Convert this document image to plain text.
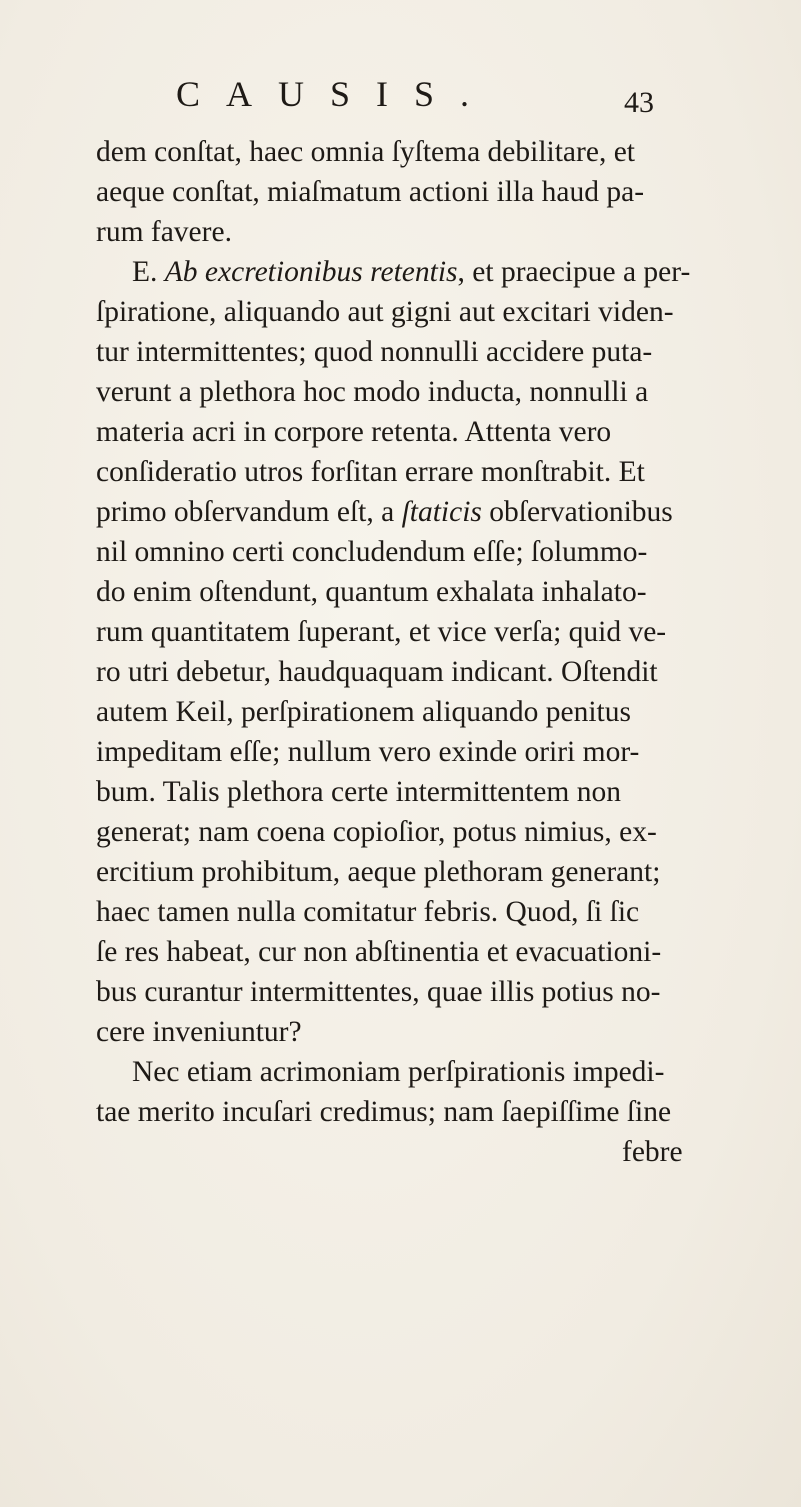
CAUSIS.	43
dem conſtat, haec omnia ſyſtema debilitare, et
aeque conſtat, miaſmatum actioni illa haud pa-
rum favere.
E. Ab excretionibus retentis, et praecipue a per-
ſpiratione, aliquando aut gigni aut excitari viden-
tur intermittentes; quod nonnulli accidere puta-
verunt a plethora hoc modo inducta, nonnulli a
materia acri in corpore retenta. Attenta vero
conſideratio utros forſitan errare monſtrabit. Et
primo obſervandum eſt, a ſtaticis obſervationibus
nil omnino certi concludendum eſſe; ſolummo-
do enim oſtendunt, quantum exhalata inhalato-
rum quantitatem ſuperant, et vice verſa; quid ve-
ro utri debetur, haudquaquam indicant. Oſtendit
autem Keil, perſpirationem aliquando penitus
impeditam eſſe; nullum vero exinde oriri mor-
bum. Talis plethora certe intermittentem non
generat; nam coena copioſior, potus nimius, ex-
ercitium prohibitum, aeque plethoram generant;
haec tamen nulla comitatur febris. Quod, ſi ſic
ſe res habeat, cur non abſtinentia et evacuationi-
bus curantur intermittentes, quae illis potius no-
cere inveniuntur?
Nec etiam acrimoniam perſpirationis impedi-
tae merito incuſari credimus; nam ſaepiſſime ſine
febre
